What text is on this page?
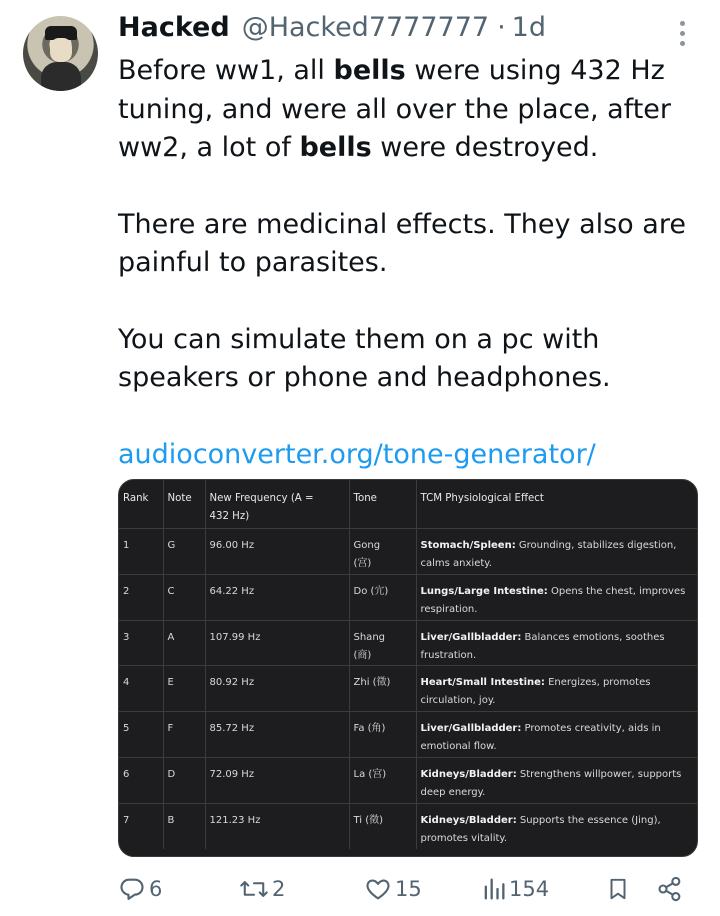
Hacked @Hacked7777777 · 1d

Before ww1, all bells were using 432 Hz tuning, and were all over the place, after ww2, a lot of bells were destroyed.

There are medicinal effects. They also are painful to parasites.

You can simulate them on a pc with speakers or phone and headphones.

audioconverter.org/tone-generator/

Rank	Note	New Frequency (A = 432 Hz)	Tone	TCM Physiological Effect

1	G	96.00 Hz	Gong (宫)	Stomach/Spleen: Grounding, stabilizes digestion, calms anxiety.

2	C	64.22 Hz	Do (宂)	Lungs/Large Intestine: Opens the chest, improves respiration.

3	A	107.99 Hz	Shang (商)	Liver/Gallbladder: Balances emotions, soothes frustration.

4	E	80.92 Hz	Zhi (徵)	Heart/Small Intestine: Energizes, promotes circulation, joy.

5	F	85.72 Hz	Fa (角)	Liver/Gallbladder: Promotes creativity, aids in emotional flow.

6	D	72.09 Hz	La (宫)	Kidneys/Bladder: Strengthens willpower, supports deep energy.

7	B	121.23 Hz	Ti (徵)	Kidneys/Bladder: Supports the essence (Jing), promotes vitality.
6	2	15	154
